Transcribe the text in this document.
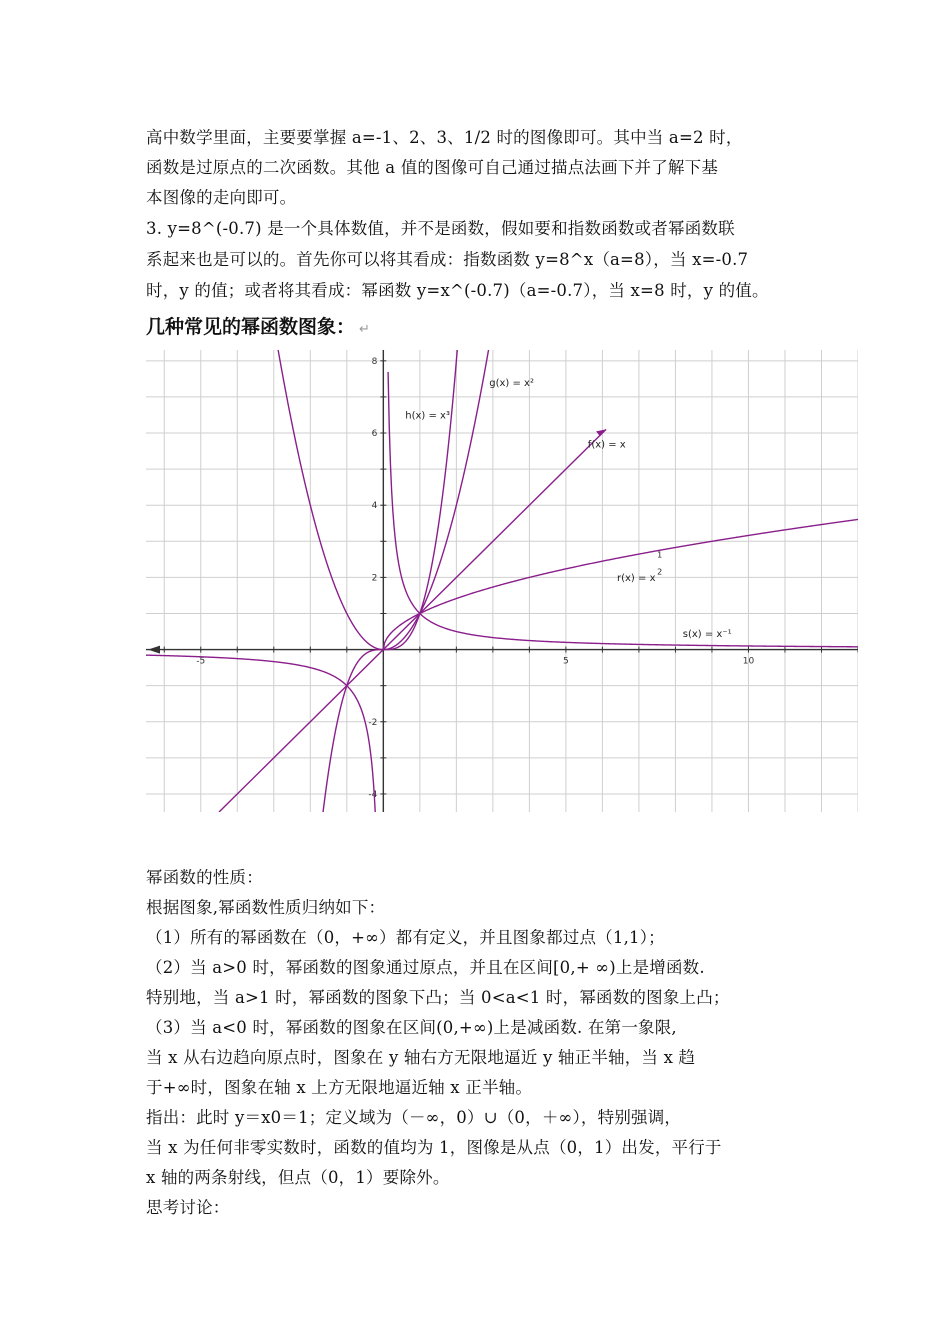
高中数学里面，主要要掌握 a=-1、2、3、1/2 时的图像即可。其中当 a=2 时，
函数是过原点的二次函数。其他 a 值的图像可自己通过描点法画下并了解下基
本图像的走向即可。
3. y=8^(-0.7) 是一个具体数值，并不是函数，假如要和指数函数或者幂函数联
系起来也是可以的。首先你可以将其看成：指数函数 y=8^x（a=8），当 x=-0.7
时，y 的值；或者将其看成：幂函数 y=x^(-0.7)（a=-0.7），当 x=8 时，y 的值。
几种常见的幂函数图象： ↵
-5	5	10
8
6
4
2
-2
-4
g(x) = x²
h(x) = x³
f(x) = x
r(x) = x
1
2
s(x) = x⁻¹
幂函数的性质：
根据图象,幂函数性质归纳如下：
（1）所有的幂函数在（0，+∞）都有定义，并且图象都过点（1,1）；
（2）当 a>0 时，幂函数的图象通过原点，并且在区间[0,+ ∞)上是增函数.
特别地，当 a>1 时，幂函数的图象下凸；当 0<a<1 时，幂函数的图象上凸；
（3）当 a<0 时，幂函数的图象在区间(0,+∞)上是减函数. 在第一象限,
当 x 从右边趋向原点时，图象在 y 轴右方无限地逼近 y 轴正半轴，当 x 趋
于+∞时，图象在轴 x 上方无限地逼近轴 x 正半轴。
指出：此时 y＝x0＝1；定义域为（－∞，0）∪（0，＋∞），特别强调，
当 x 为任何非零实数时，函数的值均为 1，图像是从点（0，1）出发，平行于
x 轴的两条射线，但点（0，1）要除外。
思考讨论：
